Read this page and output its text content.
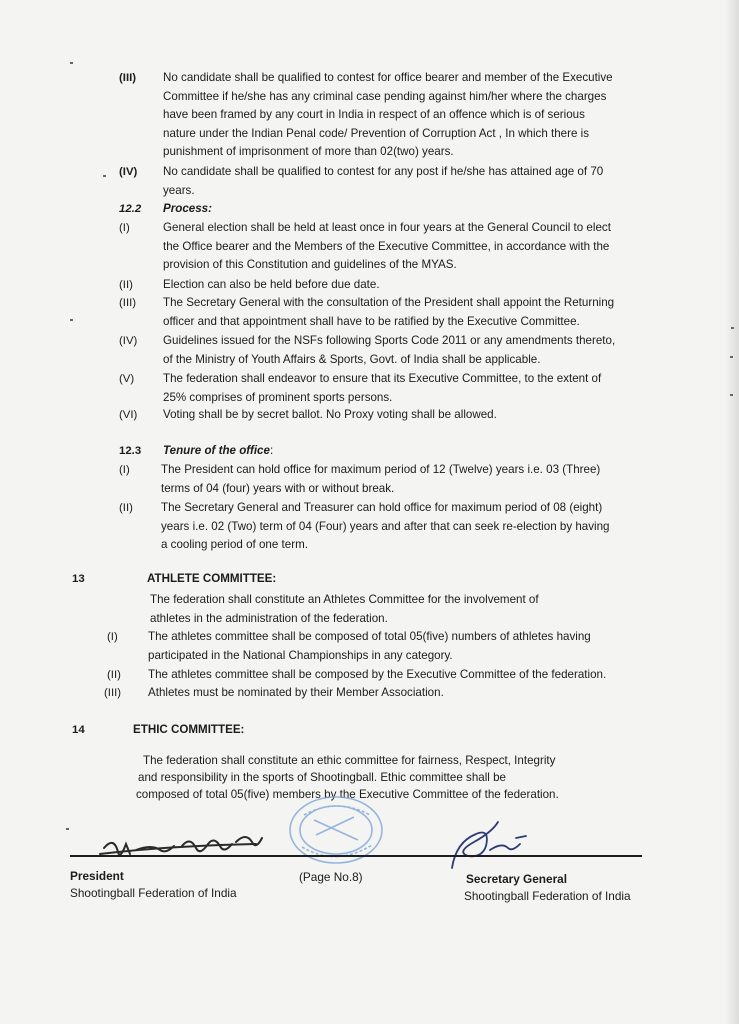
(III) No candidate shall be qualified to contest for office bearer and member of the Executive
Committee if he/she has any criminal case pending against him/her where the charges
have been framed by any court in India in respect of an offence which is of serious
nature under the Indian Penal code/ Prevention of Corruption Act , In which there is
punishment of imprisonment of more than 02(two) years.
(IV) No candidate shall be qualified to contest for any post if he/she has attained age of 70
years.
12.2 Process:
(I)	General election shall be held at least once in four years at the General Council to elect
the Office bearer and the Members of the Executive Committee, in accordance with the
provision of this Constitution and guidelines of the MYAS.
(II)	Election can also be held before due date.
(III) The Secretary General with the consultation of the President shall appoint the Returning
officer and that appointment shall have to be ratified by the Executive Committee.
(IV) Guidelines issued for the NSFs following Sports Code 2011 or any amendments thereto,
of the Ministry of Youth Affairs & Sports, Govt. of India shall be applicable.
(V) The federation shall endeavor to ensure that its Executive Committee, to the extent of
25% comprises of prominent sports persons.
(VI) Voting shall be by secret ballot. No Proxy voting shall be allowed.
12.3 Tenure of the office:
(I)	The President can hold office for maximum period of 12 (Twelve) years i.e. 03 (Three)
terms of 04 (four) years with or without break.
(II) The Secretary General and Treasurer can hold office for maximum period of 08 (eight)
years i.e. 02 (Two) term of 04 (Four) years and after that can seek re-election by having
a cooling period of one term.
13	ATHLETE COMMITTEE:
The federation shall constitute an Athletes Committee for the involvement of
athletes in the administration of the federation.
(I)	The athletes committee shall be composed of total 05(five) numbers of athletes having
participated in the National Championships in any category.
(II) The athletes committee shall be composed by the Executive Committee of the federation.
(III) Athletes must be nominated by their Member Association.
14	ETHIC COMMITTEE:
The federation shall constitute an ethic committee for fairness, Respect, Integrity
and responsibility in the sports of Shootingball. Ethic committee shall be
composed of total 05(five) members by the Executive Committee of the federation.
President
Shootingball Federation of India
(Page No.8)	Secretary General
Shootingball Federation of India
